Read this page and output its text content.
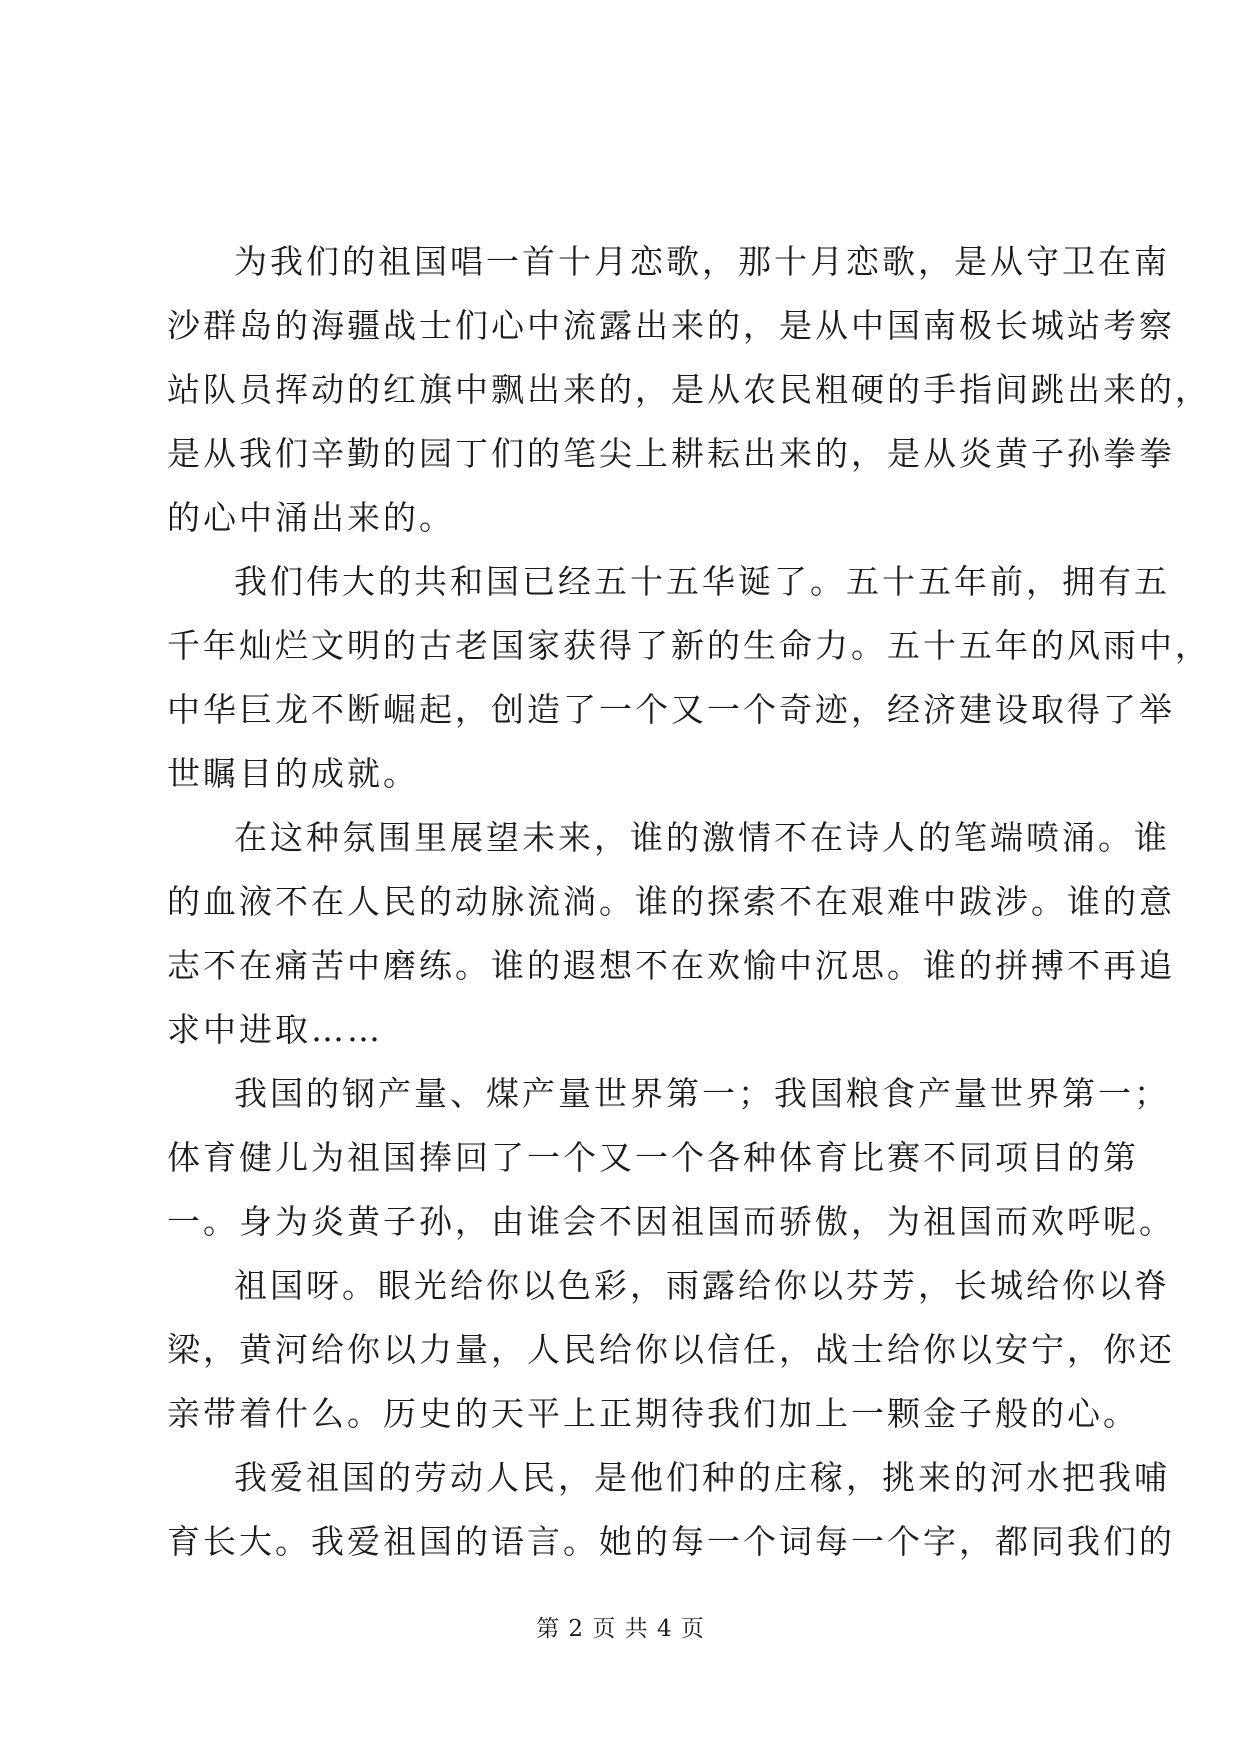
为我们的祖国唱一首十月恋歌，那十月恋歌，是从守卫在南
沙群岛的海疆战士们心中流露出来的，是从中国南极长城站考察
站队员挥动的红旗中飘出来的，是从农民粗硬的手指间跳出来的，
是从我们辛勤的园丁们的笔尖上耕耘出来的，是从炎黄子孙拳拳
的心中涌出来的。
我们伟大的共和国已经五十五华诞了。五十五年前，拥有五
千年灿烂文明的古老国家获得了新的生命力。五十五年的风雨中，
中华巨龙不断崛起，创造了一个又一个奇迹，经济建设取得了举
世瞩目的成就。
在这种氛围里展望未来，谁的激情不在诗人的笔端喷涌。谁
的血液不在人民的动脉流淌。谁的探索不在艰难中跋涉。谁的意
志不在痛苦中磨练。谁的遐想不在欢愉中沉思。谁的拼搏不再追
求中进取……
我国的钢产量、煤产量世界第一；我国粮食产量世界第一；
体育健儿为祖国捧回了一个又一个各种体育比赛不同项目的第
一。身为炎黄子孙，由谁会不因祖国而骄傲，为祖国而欢呼呢。
祖国呀。眼光给你以色彩，雨露给你以芬芳，长城给你以脊
梁，黄河给你以力量，人民给你以信任，战士给你以安宁，你还
亲带着什么。历史的天平上正期待我们加上一颗金子般的心。
我爱祖国的劳动人民，是他们种的庄稼，挑来的河水把我哺
育长大。我爱祖国的语言。她的每一个词每一个字，都同我们的
第 2 页 共 4 页
